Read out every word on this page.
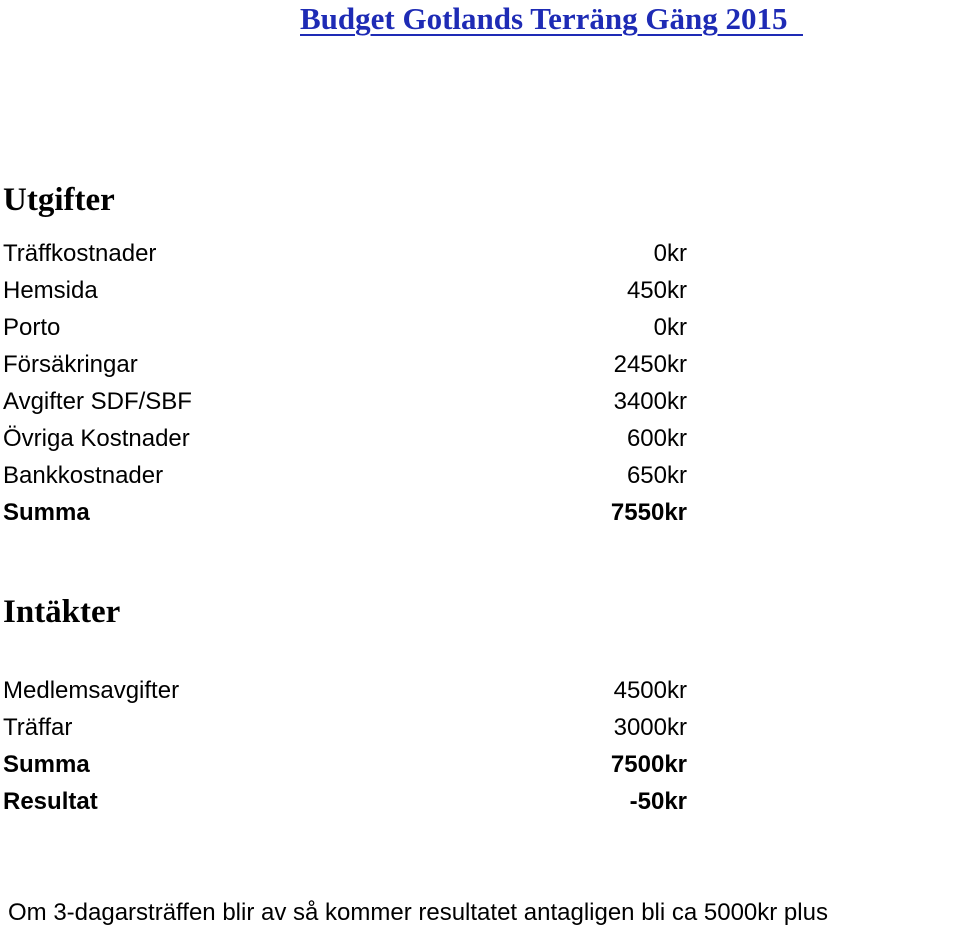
Budget Gotlands Terräng Gäng 2015
Utgifter
Träffkostnader	0kr
Hemsida	450kr
Porto	0kr
Försäkringar	2450kr
Avgifter SDF/SBF	3400kr
Övriga Kostnader	600kr
Bankkostnader	650kr
Summa	7550kr
Intäkter
Medlemsavgifter	4500kr
Träffar	3000kr
Summa	7500kr
Resultat	-50kr
Om 3-dagarsträffen blir av så kommer resultatet antagligen bli ca 5000kr plus
